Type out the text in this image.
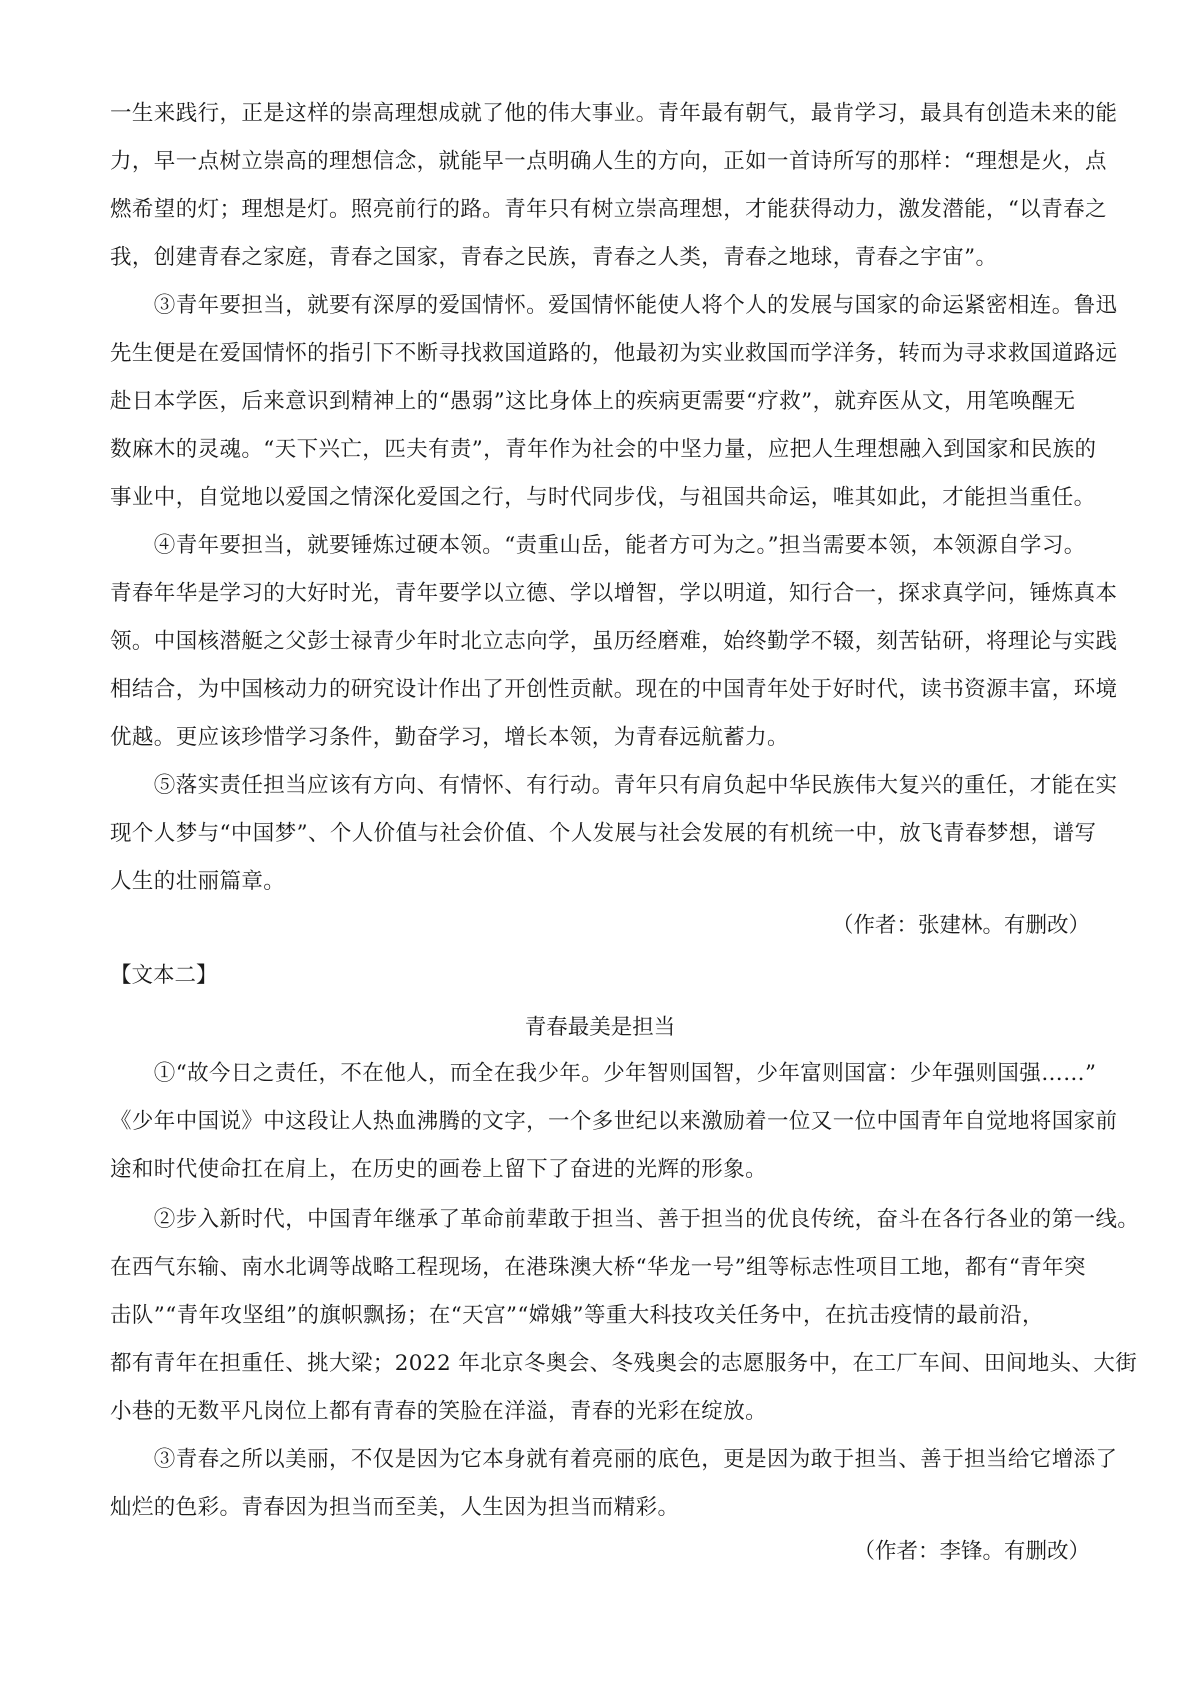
一生来践行，正是这样的崇高理想成就了他的伟大事业。青年最有朝气，最肯学习，最具有创造未来的能
力，早一点树立崇高的理想信念，就能早一点明确人生的方向，正如一首诗所写的那样：“理想是火，点
燃希望的灯；理想是灯。照亮前行的路。青年只有树立崇高理想，才能获得动力，激发潜能，“以青春之
我，创建青春之家庭，青春之国家，青春之民族，青春之人类，青春之地球，青春之宇宙”。
　　③青年要担当，就要有深厚的爱国情怀。爱国情怀能使人将个人的发展与国家的命运紧密相连。鲁迅
先生便是在爱国情怀的指引下不断寻找救国道路的，他最初为实业救国而学洋务，转而为寻求救国道路远
赴日本学医，后来意识到精神上的“愚弱”这比身体上的疾病更需要“疗救”，就弃医从文，用笔唤醒无
数麻木的灵魂。“天下兴亡，匹夫有责”，青年作为社会的中坚力量，应把人生理想融入到国家和民族的
事业中，自觉地以爱国之情深化爱国之行，与时代同步伐，与祖国共命运，唯其如此，才能担当重任。
　　④青年要担当，就要锤炼过硬本领。“责重山岳，能者方可为之。”担当需要本领，本领源自学习。
青春年华是学习的大好时光，青年要学以立德、学以增智，学以明道，知行合一，探求真学问，锤炼真本
领。中国核潜艇之父彭士禄青少年时北立志向学，虽历经磨难，始终勤学不辍，刻苦钻研，将理论与实践
相结合，为中国核动力的研究设计作出了开创性贡献。现在的中国青年处于好时代，读书资源丰富，环境
优越。更应该珍惜学习条件，勤奋学习，增长本领，为青春远航蓄力。
　　⑤落实责任担当应该有方向、有情怀、有行动。青年只有肩负起中华民族伟大复兴的重任，才能在实
现个人梦与“中国梦”、个人价值与社会价值、个人发展与社会发展的有机统一中，放飞青春梦想，谱写
人生的壮丽篇章。

（作者：张建林。有删改）

【文本二】

青春最美是担当

　　①“故今日之责任，不在他人，而全在我少年。少年智则国智，少年富则国富：少年强则国强……”
《少年中国说》中这段让人热血沸腾的文字，一个多世纪以来激励着一位又一位中国青年自觉地将国家前
途和时代使命扛在肩上，在历史的画卷上留下了奋进的光辉的形象。
　　②步入新时代，中国青年继承了革命前辈敢于担当、善于担当的优良传统，奋斗在各行各业的第一线。
在西气东输、南水北调等战略工程现场，在港珠澳大桥“华龙一号”组等标志性项目工地，都有“青年突
击队”“青年攻坚组”的旗帜飘扬；在“天宫”“嫦娥”等重大科技攻关任务中，在抗击疫情的最前沿，
都有青年在担重任、挑大梁；2022 年北京冬奥会、冬残奥会的志愿服务中，在工厂车间、田间地头、大街
小巷的无数平凡岗位上都有青春的笑脸在洋溢，青春的光彩在绽放。
　　③青春之所以美丽，不仅是因为它本身就有着亮丽的底色，更是因为敢于担当、善于担当给它增添了
灿烂的色彩。青春因为担当而至美，人生因为担当而精彩。

（作者：李锋。有删改）
